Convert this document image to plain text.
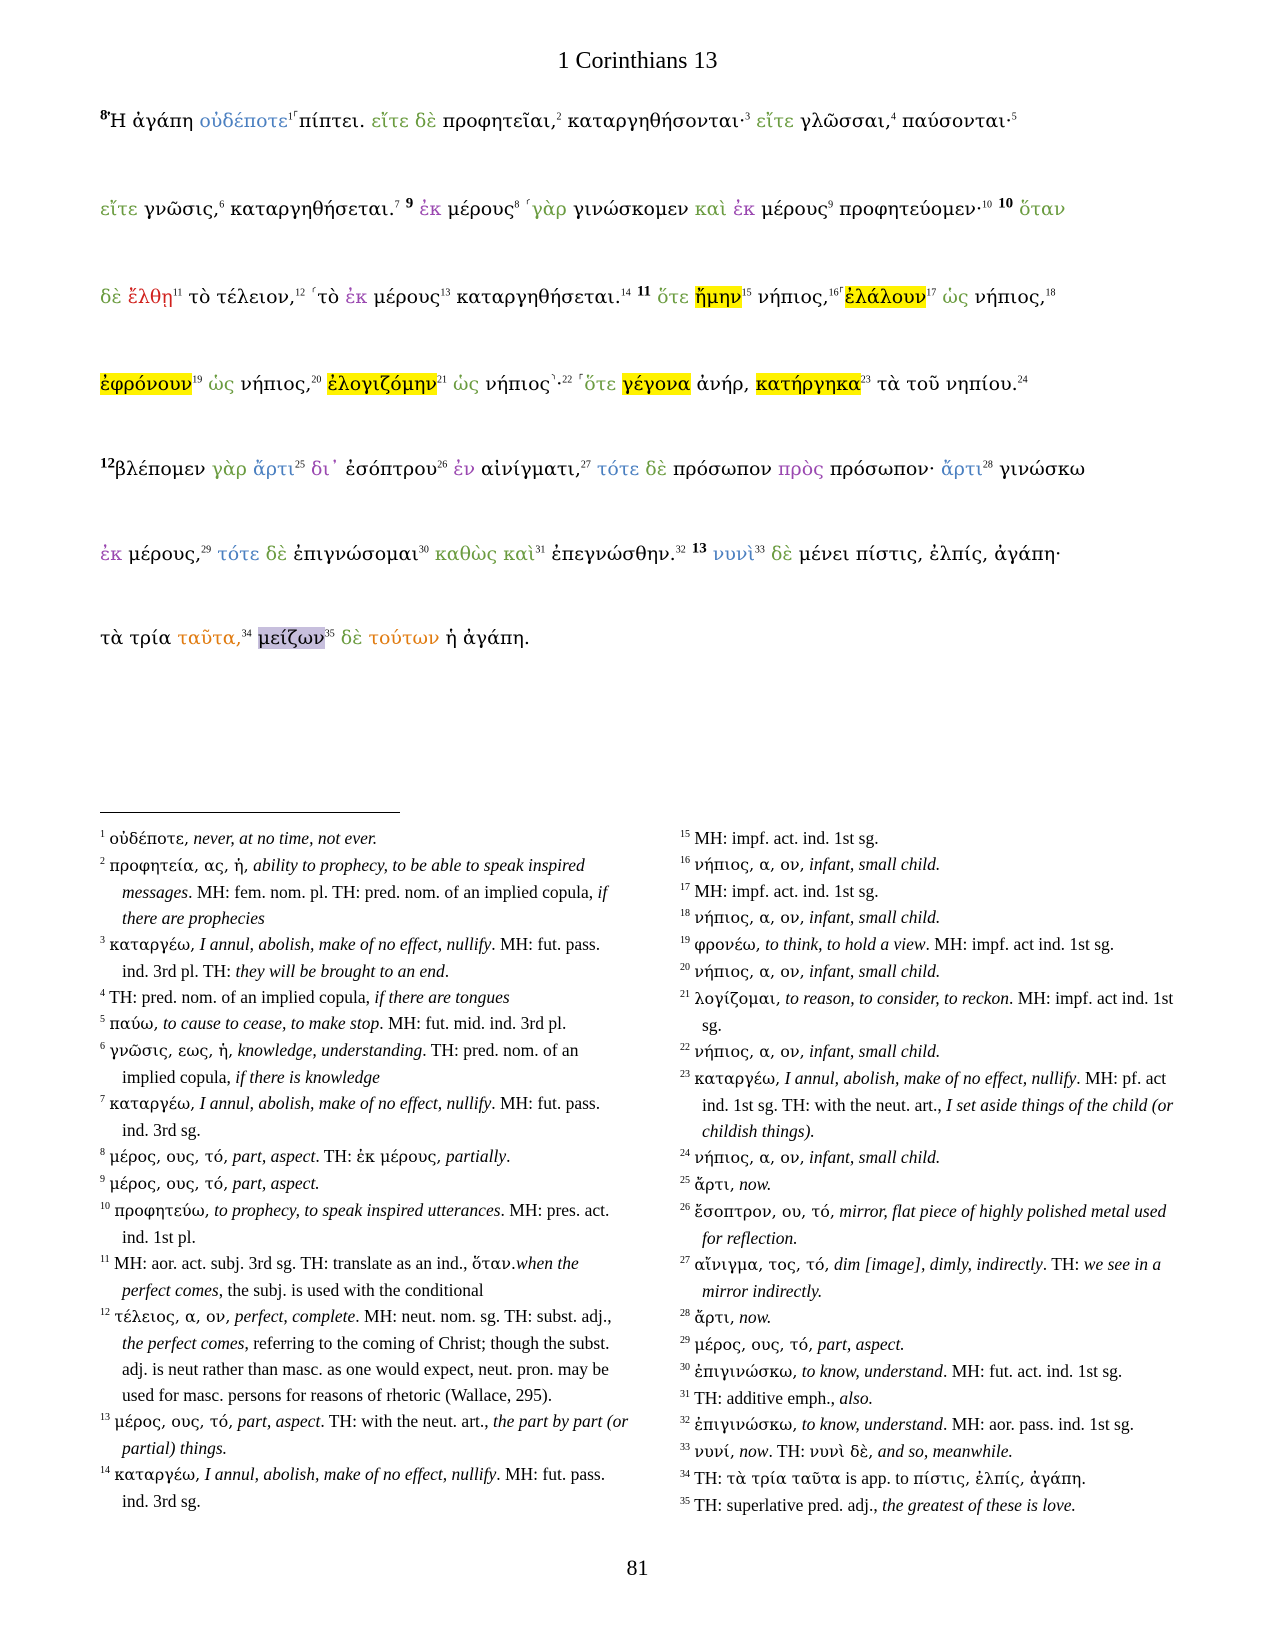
1 Corinthians 13
$^8$Ἡ ἀγάπη οὐδέποτε$^{1⸀}$πίπτει. εἴτε δὲ προφητεῖαι,$^2$ καταργηθήσονται·$^3$ εἴτε γλῶσσαι,$^4$ παύσονται·$^5$
εἴτε γνῶσις,$^6$ καταργηθήσεται.$^7$ $^9$ ἐκ μέρους$^8$ ⸂γὰρ γινώσκομεν καὶ ἐκ μέρους$^9$ προφητεύομεν·$^{10}$ $^{10}$ ὅταν
δὲ ἔλθῃ$^{11}$ τὸ τέλειον,$^{12}$ ⸂τὸ ἐκ μέρους$^{13}$ καταργηθήσεται.$^{14}$ $^{11}$ ὅτε ἤμην$^{15}$ νήπιος,$^{16⸀}$ἐλάλουν$^{17}$ ὡς νήπιος,$^{18}$
ἐφρόνουν$^{19}$ ὡς νήπιος,$^{20}$ ἐλογιζόμην$^{21}$ ὡς νήπιος⸃·$^{22}$ ⸀ὅτε γέγονα ἀνήρ, κατήργηκα$^{23}$ τὰ τοῦ νηπίου.$^{24}$
$^{12}$βλέπομεν γὰρ ἄρτι$^{25}$ δι᾽ ἐσόπτρου$^{26}$ ἐν αἰνίγματι,$^{27}$ τότε δὲ πρόσωπον πρὸς πρόσωπον· ἄρτι$^{28}$ γινώσκω
ἐκ μέρους,$^{29}$ τότε δὲ ἐπιγνώσομαι$^{30}$ καθὼς καὶ$^{31}$ ἐπεγνώσθην.$^{32}$ $^{13}$ νυνὶ$^{33}$ δὲ μένει πίστις, ἐλπίς, ἀγάπη·
τὰ τρία ταῦτα,$^{34}$ μείζων$^{35}$ δὲ τούτων ἡ ἀγάπη.
$^1$ οὐδέποτε, never, at no time, not ever.
$^2$ προφητεία, ας, ἡ, ability to prophecy, to be able to speak inspired messages. MH: fem. nom. pl. TH: pred. nom. of an implied copula, if there are prophecies
$^3$ καταργέω, I annul, abolish, make of no effect, nullify. MH: fut. pass. ind. 3rd pl. TH: they will be brought to an end.
$^4$ TH: pred. nom. of an implied copula, if there are tongues
$^5$ παύω, to cause to cease, to make stop. MH: fut. mid. ind. 3rd pl.
$^6$ γνῶσις, εως, ἡ, knowledge, understanding. TH: pred. nom. of an implied copula, if there is knowledge
$^7$ καταργέω, I annul, abolish, make of no effect, nullify. MH: fut. pass. ind. 3rd sg.
$^8$ μέρος, ους, τό, part, aspect. TH: ἐκ μέρους, partially.
$^9$ μέρος, ους, τό, part, aspect.
$^{10}$ προφητεύω, to prophecy, to speak inspired utterances. MH: pres. act. ind. 1st pl.
$^{11}$ MH: aor. act. subj. 3rd sg. TH: translate as an ind., ὅταν.when the perfect comes, the subj. is used with the conditional
$^{12}$ τέλειος, α, ον, perfect, complete. MH: neut. nom. sg. TH: subst. adj., the perfect comes, referring to the coming of Christ; though the subst. adj. is neut rather than masc. as one would expect, neut. pron. may be used for masc. persons for reasons of rhetoric (Wallace, 295).
$^{13}$ μέρος, ους, τό, part, aspect. TH: with the neut. art., the part by part (or partial) things.
$^{14}$ καταργέω, I annul, abolish, make of no effect, nullify. MH: fut. pass. ind. 3rd sg.
$^{15}$ MH: impf. act. ind. 1st sg.
$^{16}$ νήπιος, α, ον, infant, small child.
$^{17}$ MH: impf. act. ind. 1st sg.
$^{18}$ νήπιος, α, ον, infant, small child.
$^{19}$ φρονέω, to think, to hold a view. MH: impf. act ind. 1st sg.
$^{20}$ νήπιος, α, ον, infant, small child.
$^{21}$ λογίζομαι, to reason, to consider, to reckon. MH: impf. act ind. 1st sg.
$^{22}$ νήπιος, α, ον, infant, small child.
$^{23}$ καταργέω, I annul, abolish, make of no effect, nullify. MH: pf. act ind. 1st sg. TH: with the neut. art., I set aside things of the child (or childish things).
$^{24}$ νήπιος, α, ον, infant, small child.
$^{25}$ ἄρτι, now.
$^{26}$ ἔσοπτρον, ου, τό, mirror, flat piece of highly polished metal used for reflection.
$^{27}$ αἴνιγμα, τος, τό, dim [image], dimly, indirectly. TH: we see in a mirror indirectly.
$^{28}$ ἄρτι, now.
$^{29}$ μέρος, ους, τό, part, aspect.
$^{30}$ ἐπιγινώσκω, to know, understand. MH: fut. act. ind. 1st sg.
$^{31}$ TH: additive emph., also.
$^{32}$ ἐπιγινώσκω, to know, understand. MH: aor. pass. ind. 1st sg.
$^{33}$ νυνί, now. TH: νυνὶ δὲ, and so, meanwhile.
$^{34}$ TH: τὰ τρία ταῦτα is app. to πίστις, ἐλπίς, ἀγάπη.
$^{35}$ TH: superlative pred. adj., the greatest of these is love.
81
